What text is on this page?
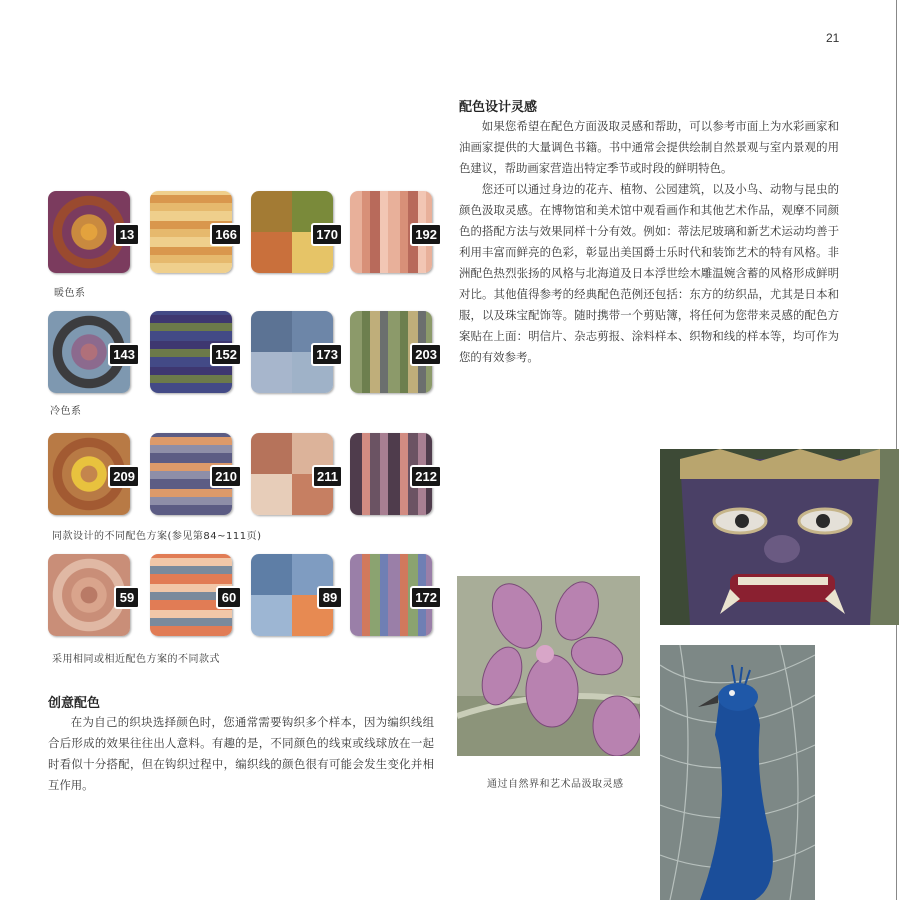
21
13	166	170	192
暖色系
143	152	173	203
冷色系
209	210	211	212
同款设计的不同配色方案(参见第84~111页)
59	60	89	172
采用相同或相近配色方案的不同款式
配色设计灵感

如果您希望在配色方面汲取灵感和帮助，可以参考市面上为水彩画家和油画家提供的大量调色书籍。书中通常会提供绘制自然景观与室内景观的用色建议，帮助画家营造出特定季节或时段的鲜明特色。

您还可以通过身边的花卉、植物、公园建筑，以及小鸟、动物与昆虫的颜色汲取灵感。在博物馆和美术馆中观看画作和其他艺术作品，观摩不同颜色的搭配方法与效果同样十分有效。例如：蒂法尼玻璃和新艺术运动均善于利用丰富而鲜亮的色彩，彰显出美国爵士乐时代和装饰艺术的特有风格。非洲配色热烈张扬的风格与北海道及日本浮世绘木雕温婉含蓄的风格形成鲜明对比。其他值得参考的经典配色范例还包括：东方的纺织品，尤其是日本和服，以及珠宝配饰等。随时携带一个剪贴簿，将任何为您带来灵感的配色方案贴在上面：明信片、杂志剪报、涂料样本、织物和线的样本等，均可作为您的有效参考。

创意配色

在为自己的织块选择颜色时，您通常需要钩织多个样本，因为编织线组合后形成的效果往往出人意料。有趣的是，不同颜色的线束或线球放在一起时看似十分搭配，但在钩织过程中，编织线的颜色很有可能会发生变化并相互作用。	通过自然界和艺术品汲取灵感
